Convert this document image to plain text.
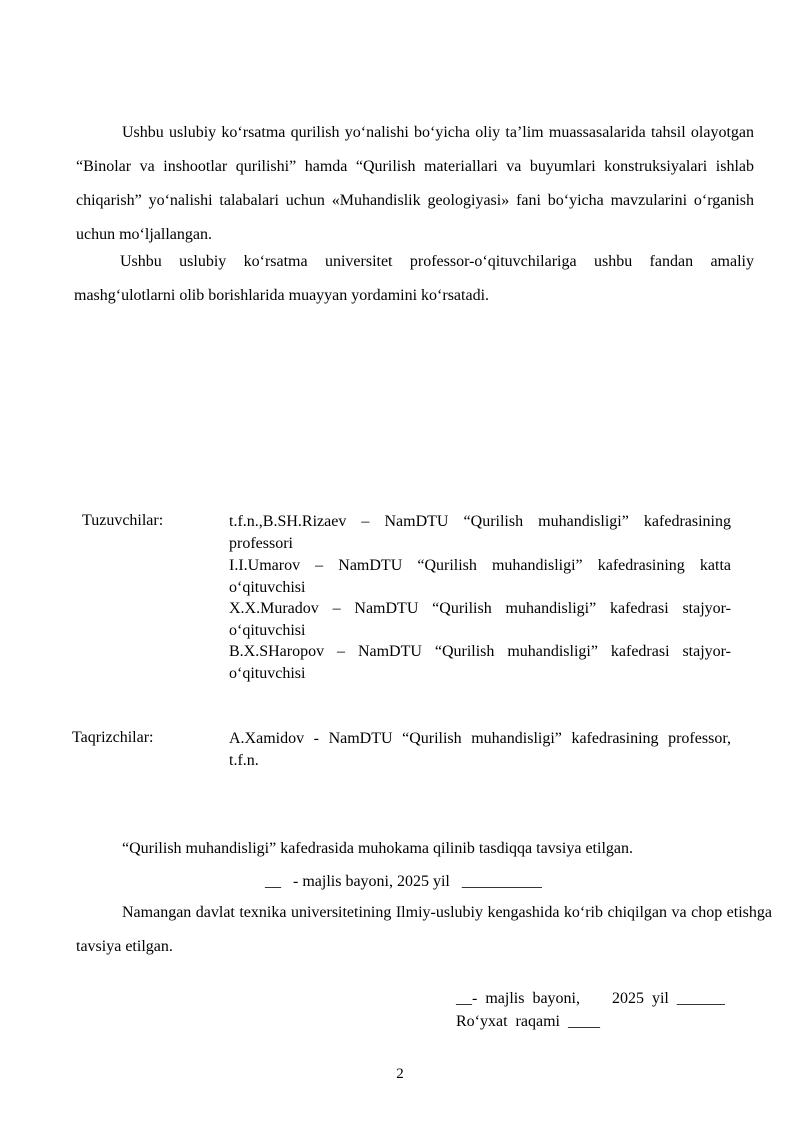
Ushbu uslubiy ko‘rsatma qurilish yo‘nalishi bo‘yicha oliy ta’lim muassasalarida tahsil olayotgan “Binolar va inshootlar qurilishi” hamda “Qurilish materiallari va buyumlari konstruksiyalari ishlab chiqarish” yo‘nalishi talabalari uchun «Muhandislik geologiyasi» fani bo‘yicha mavzularini o‘rganish uchun mo‘ljallangan.

Ushbu uslubiy ko‘rsatma universitet professor-o‘qituvchilariga ushbu fandan amaliy mashg‘ulotlarni olib borishlarida muayyan yordamini ko‘rsatadi.

Tuzuvchilar:	t.f.n.,B.SH.Rizaev – NamDTU “Qurilish muhandisligi” kafedrasining professori

I.I.Umarov – NamDTU “Qurilish muhandisligi” kafedrasining katta o‘qituvchisi

X.X.Muradov – NamDTU “Qurilish muhandisligi” kafedrasi stajyor-o‘qituvchisi

B.X.SHaropov – NamDTU “Qurilish muhandisligi” kafedrasi stajyor-o‘qituvchisi

Taqrizchilar:	A.Xamidov - NamDTU “Qurilish muhandisligi” kafedrasining professor, t.f.n.

“Qurilish muhandisligi” kafedrasida muhokama qilinib tasdiqqa tavsiya etilgan.
__ - majlis bayoni, 2025 yil __________

Namangan davlat texnika universitetining Ilmiy-uslubiy kengashida ko‘rib chiqilgan va chop etishga tavsiya etilgan.

__-  majlis  bayoni,        2025  yil  ______
Ro‘yxat  raqami  ____
2
